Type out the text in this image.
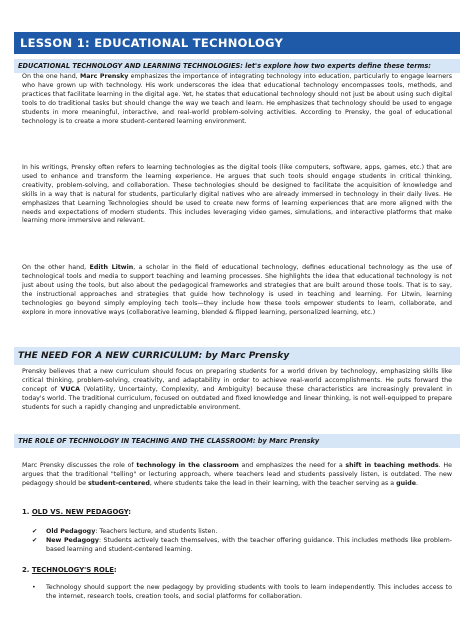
LESSON 1: EDUCATIONAL TECHNOLOGY
EDUCATIONAL TECHNOLOGY AND LEARNING TECHNOLOGIES: let's explore how two experts define these terms:

On the one hand, Marc Prensky emphasizes the importance of integrating technology into education, particularly to engage learners who have grown up with technology. His work underscores the idea that educational technology encompasses tools, methods, and practices that facilitate learning in the digital age. Yet, he states that educational technology should not just be about using such digital tools to do traditional tasks but should change the way we teach and learn. He emphasizes that technology should be used to engage students in more meaningful, interactive, and real-world problem-solving activities. According to Prensky, the goal of educational technology is to create a more student-centered learning environment.

In his writings, Prensky often refers to learning technologies as the digital tools (like computers, software, apps, games, etc.) that are used to enhance and transform the learning experience. He argues that such tools should engage students in critical thinking, creativity, problem-solving, and collaboration. These technologies should be designed to facilitate the acquisition of knowledge and skills in a way that is natural for students, particularly digital natives who are already immersed in technology in their daily lives. He emphasizes that Learning Technologies should be used to create new forms of learning experiences that are more aligned with the needs and expectations of modern students. This includes leveraging video games, simulations, and interactive platforms that make learning more immersive and relevant.

On the other hand, Edith Litwin, a scholar in the field of educational technology, defines educational technology as the use of technological tools and media to support teaching and learning processes. She highlights the idea that educational technology is not just about using the tools, but also about the pedagogical frameworks and strategies that are built around those tools. That is to say, the instructional approaches and strategies that guide how technology is used in teaching and learning. For Litwin, learning technologies go beyond simply employing tech tools—they include how these tools empower students to learn, collaborate, and explore in more innovative ways (collaborative learning, blended & flipped learning, personalized learning, etc.)

THE NEED FOR A NEW CURRICULUM: by Marc Prensky

Prensky believes that a new curriculum should focus on preparing students for a world driven by technology, emphasizing skills like critical thinking, problem-solving, creativity, and adaptability in order to achieve real-world accomplishments. He puts forward the concept of VUCA (Volatility, Uncertainty, Complexity, and Ambiguity) because these characteristics are increasingly prevalent in today's world. The traditional curriculum, focused on outdated and fixed knowledge and linear thinking, is not well-equipped to prepare students for such a rapidly changing and unpredictable environment.

THE ROLE OF TECHNOLOGY IN TEACHING AND THE CLASSROOM: by Marc Prensky

Marc Prensky discusses the role of technology in the classroom and emphasizes the need for a shift in teaching methods. He argues that the traditional "telling" or lecturing approach, where teachers lead and students passively listen, is outdated. The new pedagogy should be student-centered, where students take the lead in their learning, with the teacher serving as a guide.

1. OLD VS. NEW PEDAGOGY:
✔ Old Pedagogy: Teachers lecture, and students listen.
✔ New Pedagogy: Students actively teach themselves, with the teacher offering guidance. This includes methods like problem-based learning and student-centered learning.
2. TECHNOLOGY'S ROLE:
• Technology should support the new pedagogy by providing students with tools to learn independently. This includes access to the internet, research tools, creation tools, and social platforms for collaboration.
